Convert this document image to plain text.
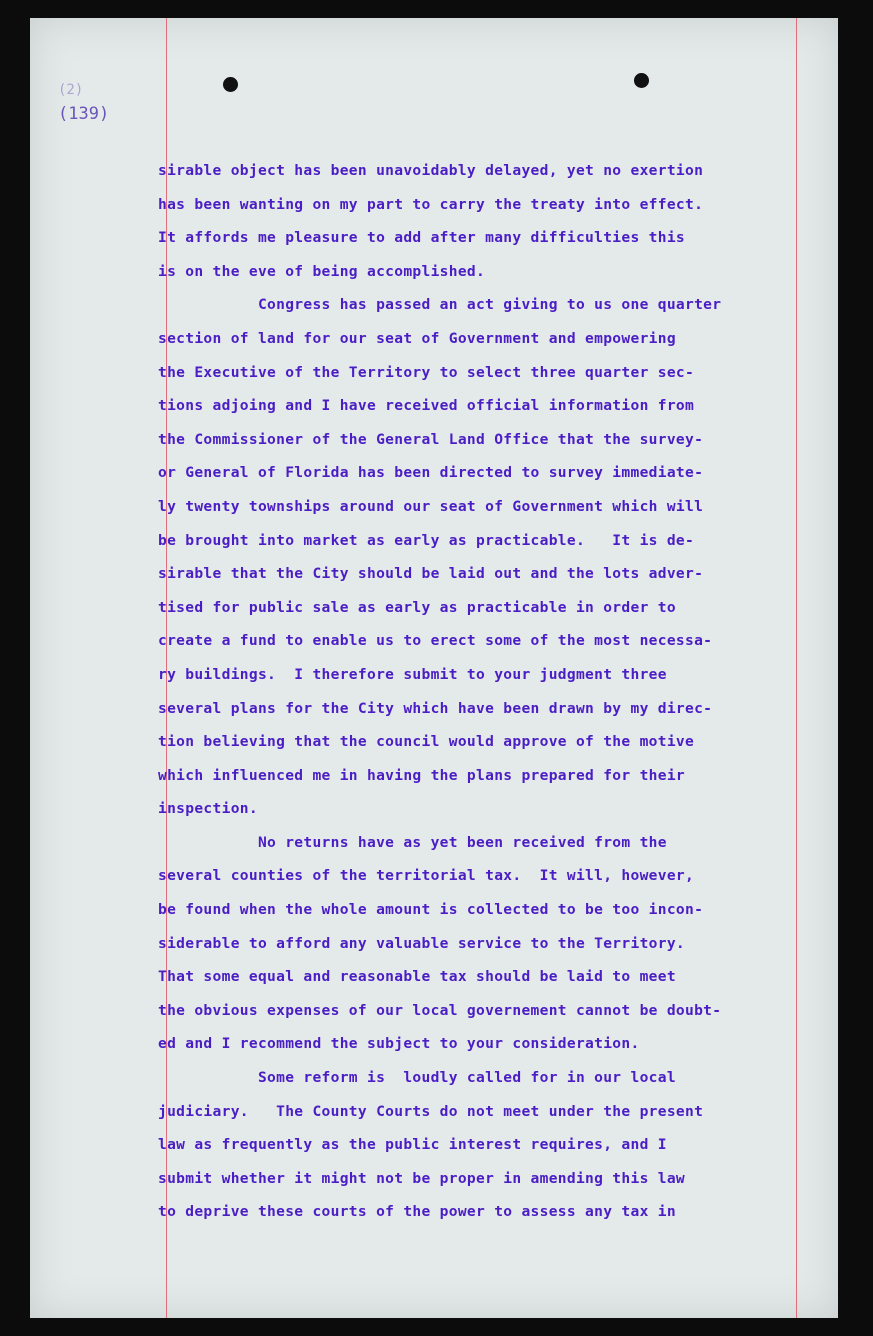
(2)
(139)
sirable object has been unavoidably delayed, yet no exertion
has been wanting on my part to carry the treaty into effect.
It affords me pleasure to add after many difficulties this
is on the eve of being accomplished.
Congress has passed an act giving to us one quarter
section of land for our seat of Government and empowering
the Executive of the Territory to select three quarter sec-
tions adjoing and I have received official information from
the Commissioner of the General Land Office that the survey-
or General of Florida has been directed to survey immediate-
ly twenty townships around our seat of Government which will
be brought into market as early as practicable.   It is de-
sirable that the City should be laid out and the lots adver-
tised for public sale as early as practicable in order to
create a fund to enable us to erect some of the most necessa-
ry buildings.  I therefore submit to your judgment three
several plans for the City which have been drawn by my direc-
tion believing that the council would approve of the motive
which influenced me in having the plans prepared for their
inspection.
No returns have as yet been received from the
several counties of the territorial tax.  It will, however,
be found when the whole amount is collected to be too incon-
siderable to afford any valuable service to the Territory.
That some equal and reasonable tax should be laid to meet
the obvious expenses of our local governement cannot be doubt-
ed and I recommend the subject to your consideration.
Some reform is  loudly called for in our local
judiciary.   The County Courts do not meet under the present
law as frequently as the public interest requires, and I
submit whether it might not be proper in amending this law
to deprive these courts of the power to assess any tax in
